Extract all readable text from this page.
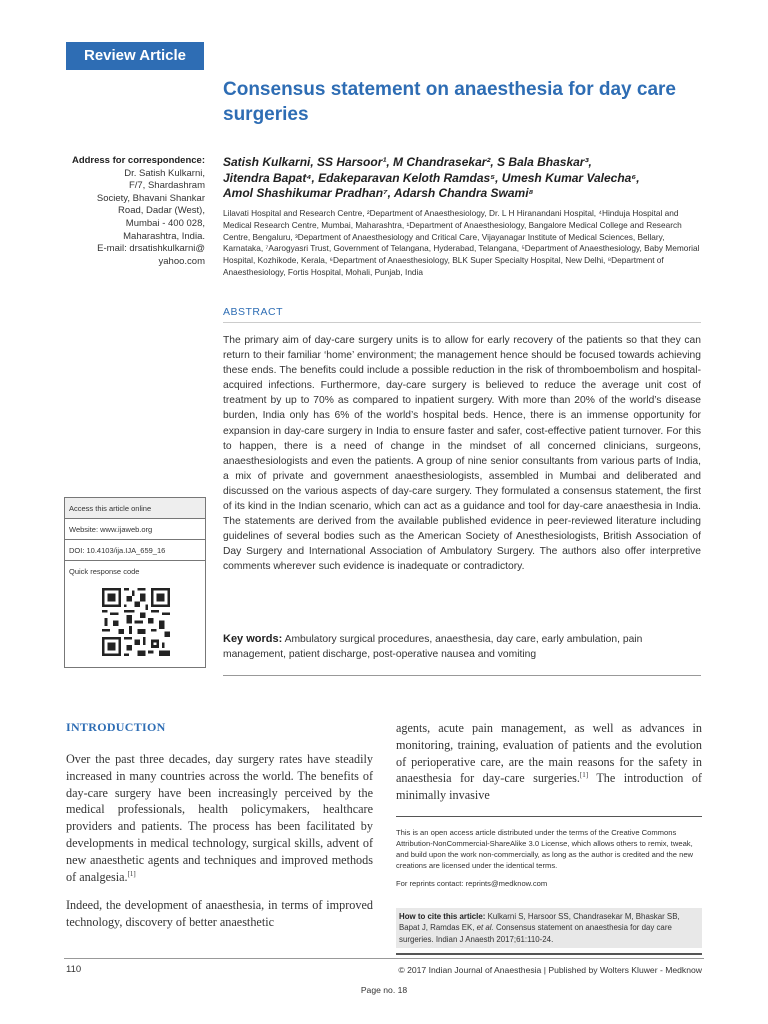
Review Article
Consensus statement on anaesthesia for day care surgeries
Address for correspondence:
Dr. Satish Kulkarni,
F/7, Shardashram
Society, Bhavani Shankar
Road, Dadar (West),
Mumbai - 400 028,
Maharashtra, India.
E-mail: drsatishkulkarni@
yahoo.com
Satish Kulkarni, SS Harsoor¹, M Chandrasekar², S Bala Bhaskar³,
Jitendra Bapat⁴, Edakeparavan Keloth Ramdas⁵, Umesh Kumar Valecha⁶,
Amol Shashikumar Pradhan⁷, Adarsh Chandra Swami⁸

Lilavati Hospital and Research Centre, ²Department of Anaesthesiology, Dr. L H Hiranandani Hospital, ⁴Hinduja Hospital and Medical Research Centre, Mumbai, Maharashtra, ¹Department of Anaesthesiology, Bangalore Medical College and Research Centre, Bengaluru, ³Department of Anaesthesiology and Critical Care, Vijayanagar Institute of Medical Sciences, Bellary, Karnataka, ⁷Aarogyasri Trust, Government of Telangana, Hyderabad, Telangana, ⁵Department of Anaesthesiology, Baby Memorial Hospital, Kozhikode, Kerala, ⁶Department of Anaesthesiology, BLK Super Specialty Hospital, New Delhi, ⁸Department of Anaesthesiology, Fortis Hospital, Mohali, Punjab, India

ABSTRACT

The primary aim of day-care surgery units is to allow for early recovery of the patients so that they can return to their familiar ‘home’ environment; the management hence should be focused towards achieving these ends. The benefits could include a possible reduction in the risk of thromboembolism and hospital-acquired infections. Furthermore, day-care surgery is believed to reduce the average unit cost of treatment by up to 70% as compared to inpatient surgery. With more than 20% of the world’s disease burden, India only has 6% of the world’s hospital beds. Hence, there is an immense opportunity for expansion in day-care surgery in India to ensure faster and safer, cost-effective patient turnover. For this to happen, there is a need of change in the mindset of all concerned clinicians, surgeons, anaesthesiologists and even the patients. A group of nine senior consultants from various parts of India, a mix of private and government anaesthesiologists, assembled in Mumbai and deliberated and discussed on the various aspects of day-care surgery. They formulated a consensus statement, the first of its kind in the Indian scenario, which can act as a guidance and tool for day-care anaesthesia in India. The statements are derived from the available published evidence in peer-reviewed literature including guidelines of several bodies such as the American Society of Anesthesiologists, British Association of Day Surgery and International Association of Ambulatory Surgery. The authors also offer interpretive comments wherever such evidence is inadequate or contradictory.

Key words: Ambulatory surgical procedures, anaesthesia, day care, early ambulation, pain management, patient discharge, post-operative nausea and vomiting

Access this article online
Website: www.ijaweb.org
DOI: 10.4103/ija.IJA_659_16
Quick response code
INTRODUCTION

Over the past three decades, day surgery rates have steadily increased in many countries across the world. The benefits of day-care surgery have been increasingly perceived by the medical professionals, health policymakers, healthcare providers and patients. The process has been facilitated by developments in medical technology, surgical skills, advent of new anaesthetic agents and techniques and improved methods of analgesia.[1]

Indeed, the development of anaesthesia, in terms of improved technology, discovery of better anaesthetic

agents, acute pain management, as well as advances in monitoring, training, evaluation of patients and the evolution of perioperative care, are the main reasons for the safety in anaesthesia for day-care surgeries.[1] The introduction of minimally invasive

This is an open access article distributed under the terms of the Creative Commons Attribution-NonCommercial-ShareAlike 3.0 License, which allows others to remix, tweak, and build upon the work non-commercially, as long as the author is credited and the new creations are licensed under the identical terms.

For reprints contact: reprints@medknow.com

How to cite this article: Kulkarni S, Harsoor SS, Chandrasekar M, Bhaskar SB, Bapat J, Ramdas EK, et al. Consensus statement on anaesthesia for day care surgeries. Indian J Anaesth 2017;61:110-24.

110	© 2017 Indian Journal of Anaesthesia | Published by Wolters Kluwer - Medknow
Page no. 18
